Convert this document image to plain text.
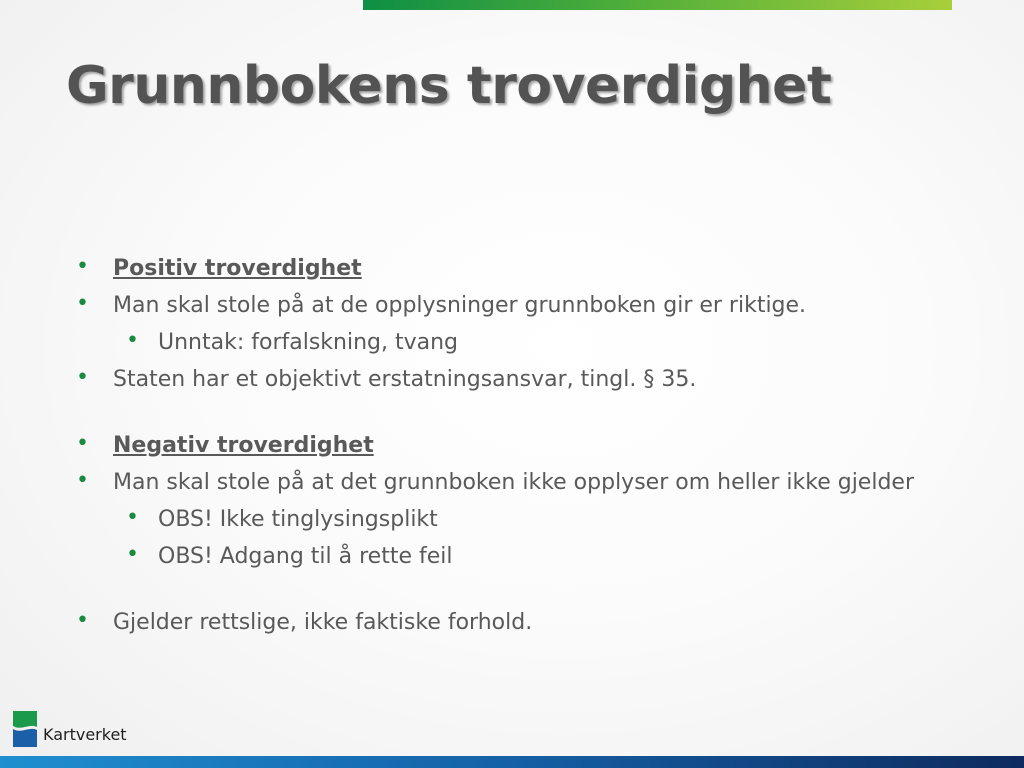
Grunnbokens troverdighet
• Positiv troverdighet
• Man skal stole på at de opplysninger grunnboken gir er riktige.
• Unntak: forfalskning, tvang
• Staten har et objektivt erstatningsansvar, tingl. § 35.
• Negativ troverdighet
• Man skal stole på at det grunnboken ikke opplyser om heller ikke gjelder
• OBS! Ikke tinglysingsplikt
• OBS! Adgang til å rette feil
• Gjelder rettslige, ikke faktiske forhold.
Kartverket
